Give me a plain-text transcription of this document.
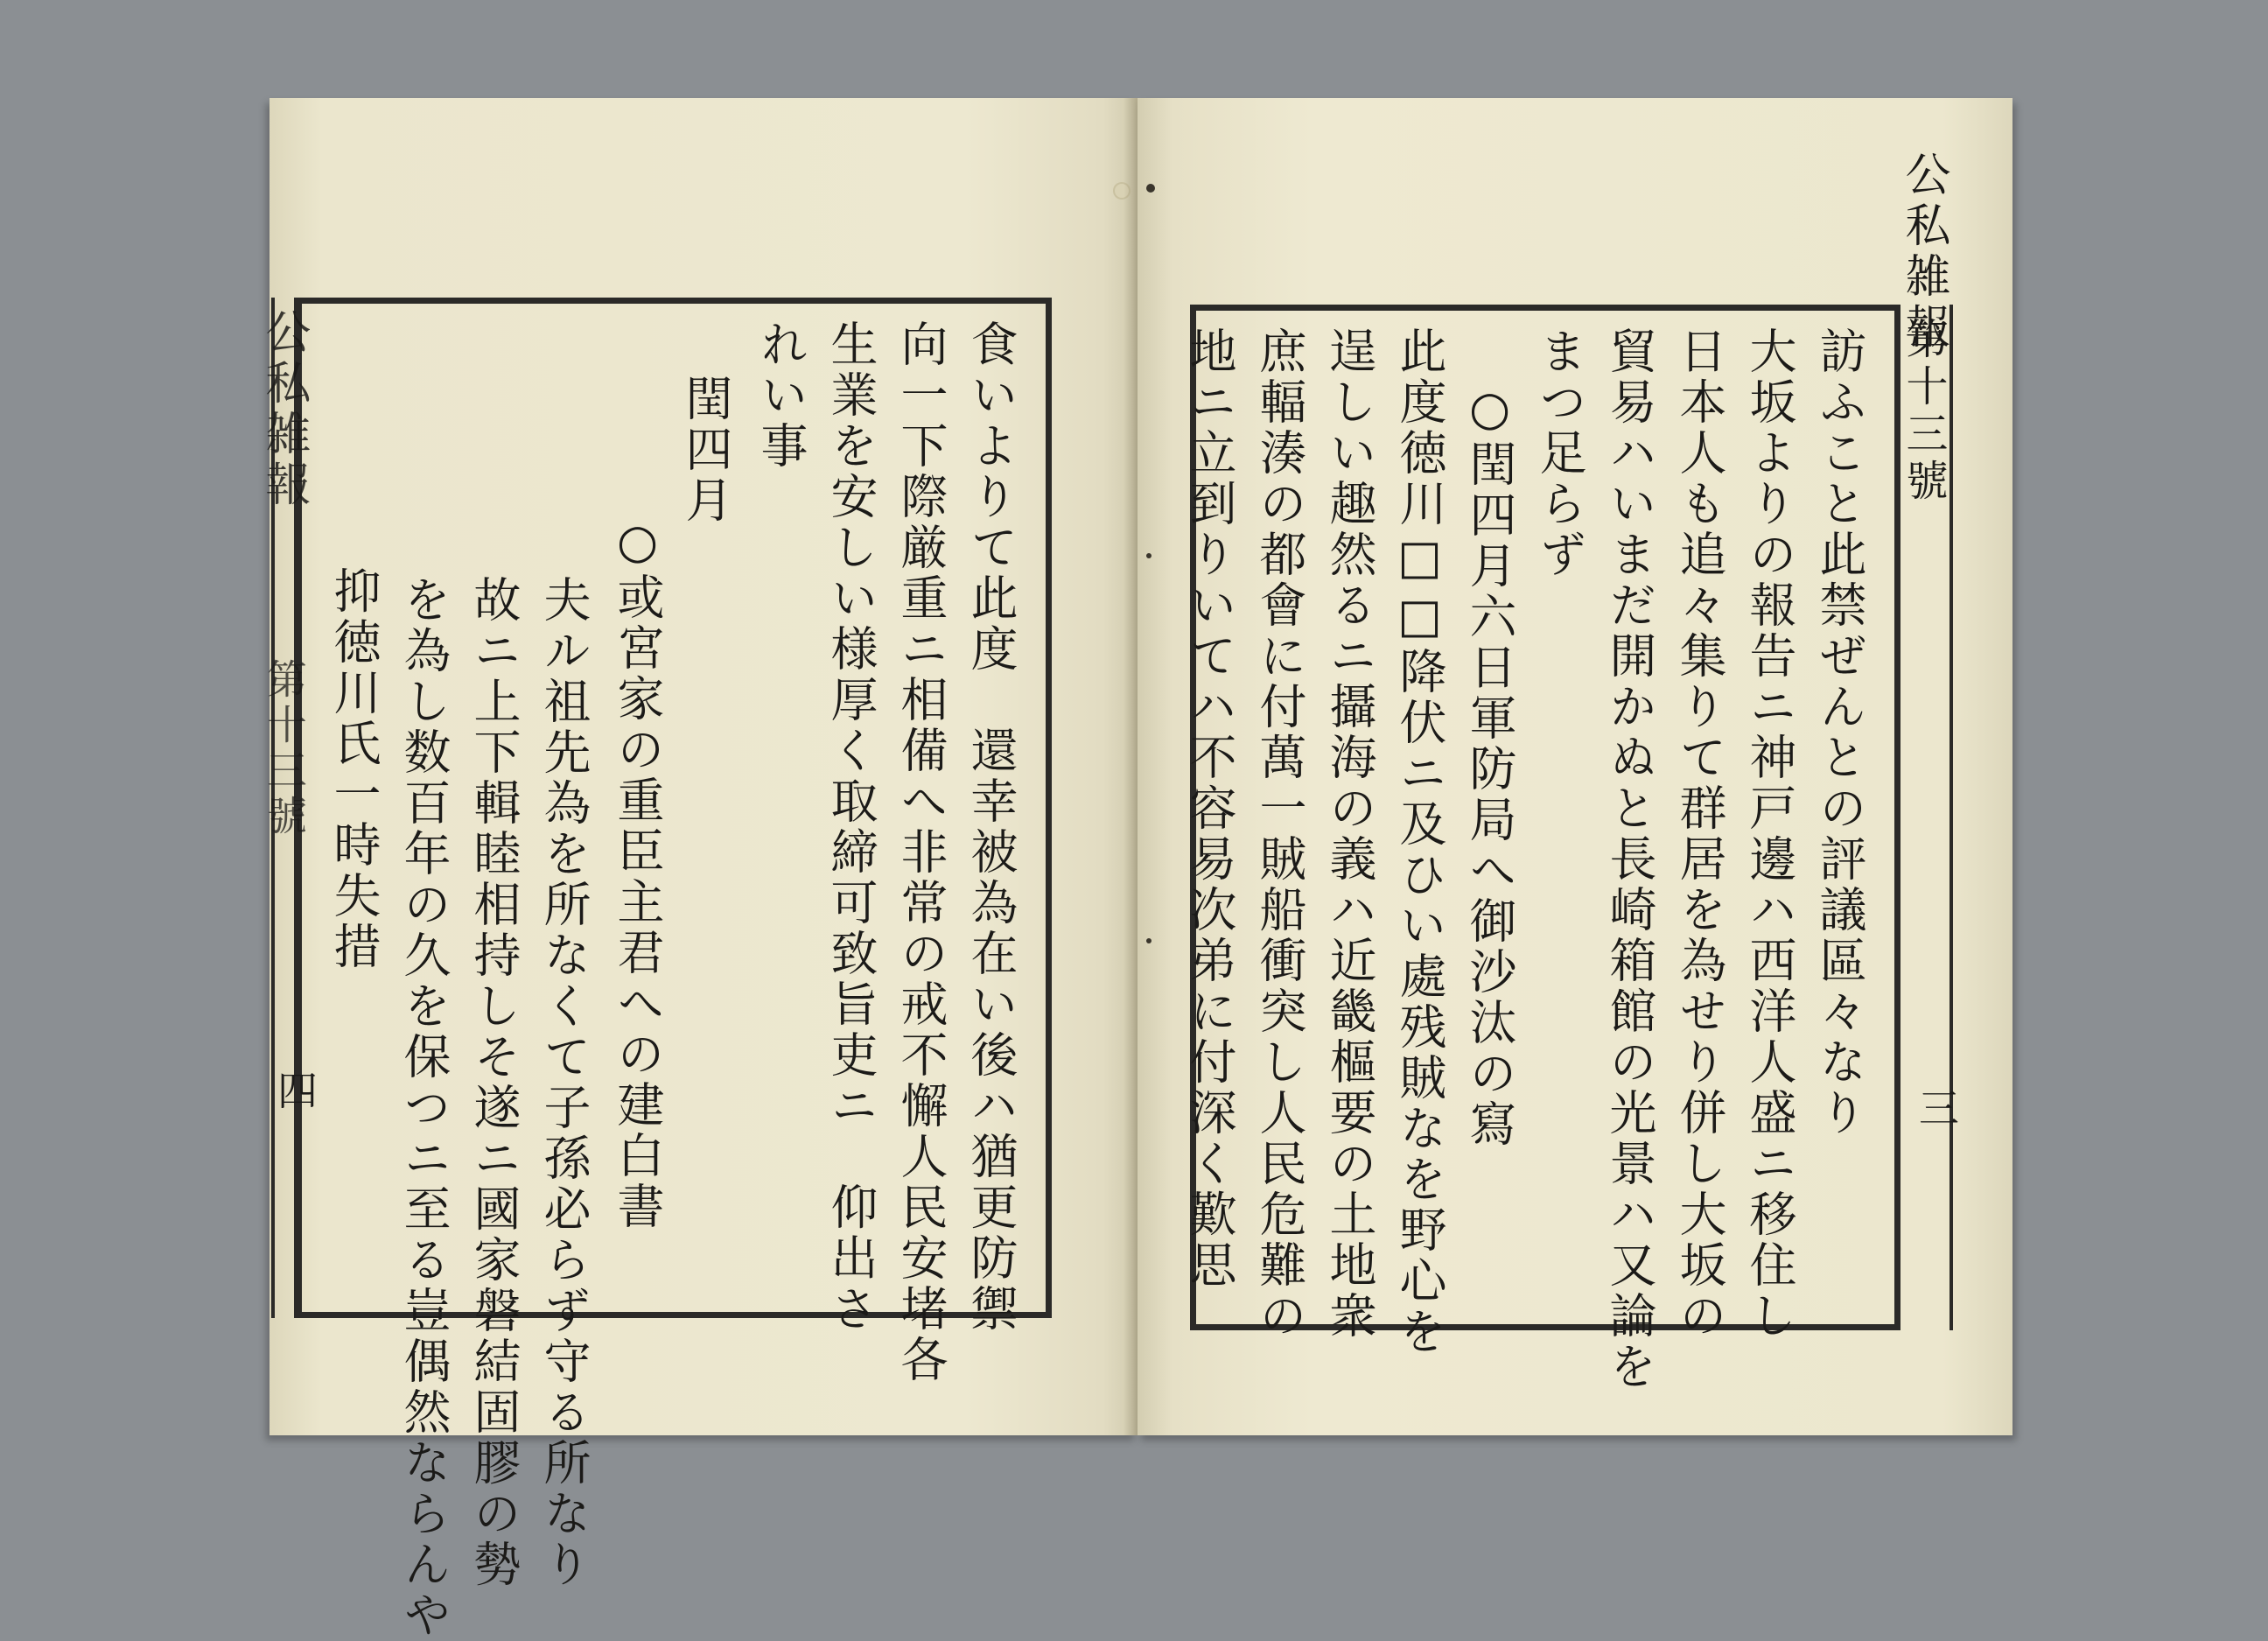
食いよりて此度　還幸被為在い後ハ猶更防禦
向一下際厳重ニ相備へ非常の戒不懈人民安堵各
生業を安しい様厚く取締可致旨吏ニ　仰出さ
れい事
閏四月
○或宮家の重臣主君への建白書
夫ル祖先為を所なくて子孫必らず守る所なり
故ニ上下輯睦相持しそ遂ニ國家磐結固膠の勢
を為し数百年の久を保つニ至る豈偶然ならんや
抑徳川氏一時失措
公私雑報
第十三號
四	訪ふこと此禁ぜんとの評議區々なり
大坂よりの報告ニ神戸邊ハ西洋人盛ニ移住し
日本人も追々集りて群居を為せり併し大坂の
貿易ハいまだ開かぬと長崎箱館の光景ハ又論を
まつ足らず
○閏四月六日軍防局へ御沙汰の寫
此度徳川□□降伏ニ及ひい處残賊なを野心を
逞しい趣然るニ攝海の義ハ近畿樞要の土地衆
庶輻湊の都會に付萬一賊船衝突し人民危難の
地ニ立到りいてハ不容易次弟に付深く歎思
公私雑報
第十三號
三
